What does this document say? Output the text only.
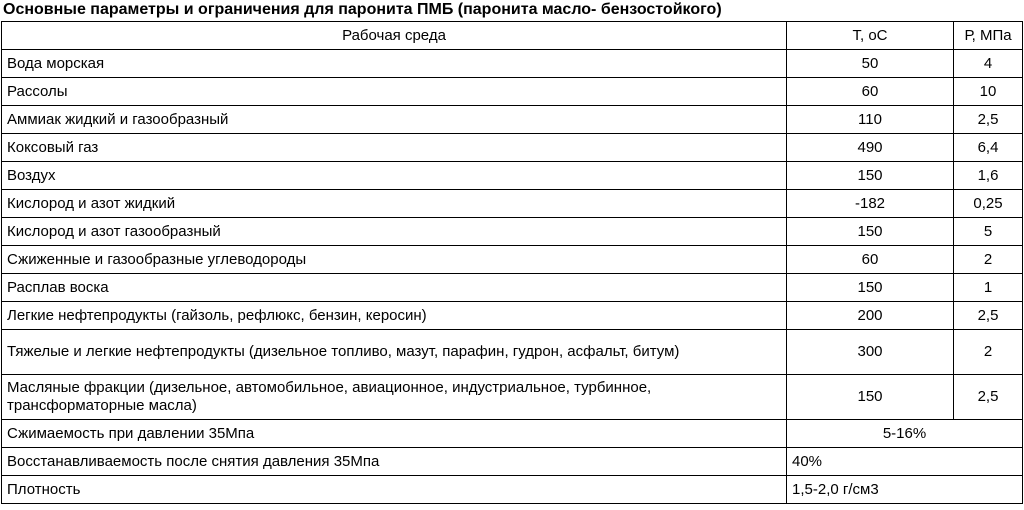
Основные параметры и ограничения для паронита ПМБ (паронита масло- бензостойкого)
Рабочая среда	Т, оС	Р, МПа
Вода морская	50	4
Рассолы	60	10
Аммиак жидкий и газообразный	110	2,5
Коксовый газ	490	6,4
Воздух	150	1,6
Кислород и азот жидкий	-182	0,25
Кислород и азот газообразный	150	5
Сжиженные и газообразные углеводороды	60	2
Расплав воска	150	1
Легкие нефтепродукты (гайзоль, рефлюкс, бензин, керосин)	200	2,5
Тяжелые и легкие нефтепродукты (дизельное топливо, мазут, парафин, гудрон, асфальт, битум)	300	2
Масляные фракции (дизельное, автомобильное, авиационное, индустриальное, турбинное, трансформаторные масла)	150	2,5
Сжимаемость при давлении 35Мпа	5-16%	
Восстанавливаемость после снятия давления 35Мпа	40%	
Плотность	1,5-2,0 г/см3	
